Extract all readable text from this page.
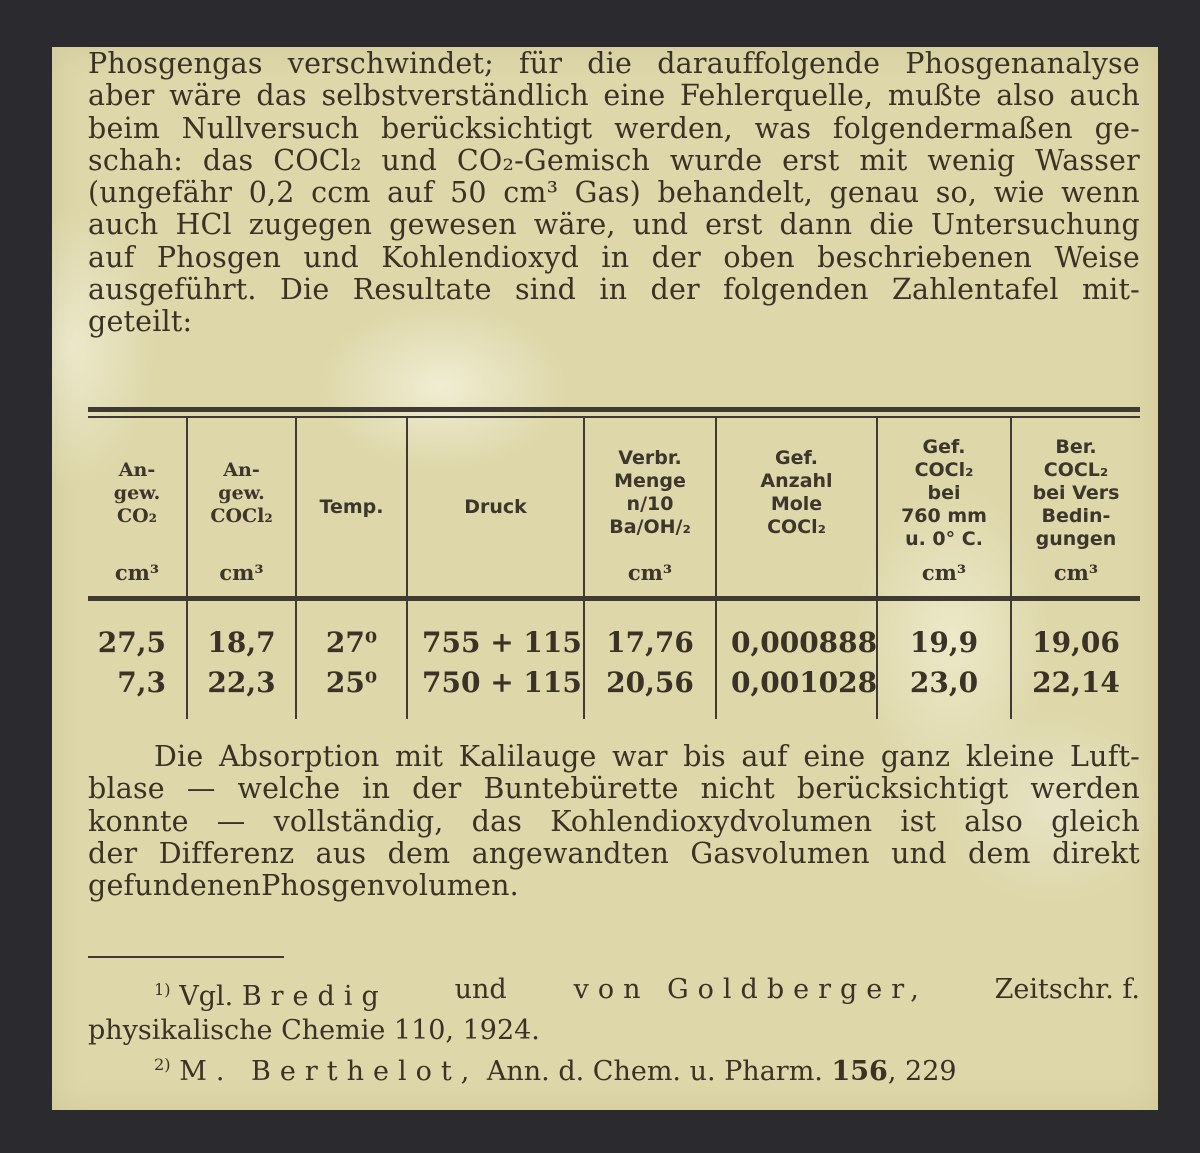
Phosgengas verschwindet; für die darauffolgende Phosgenanalyse
aber wäre das selbstverständlich eine Fehlerquelle, mußte also auch
beim Nullversuch berücksichtigt werden, was folgendermaßen ge-
schah: das COCl₂ und CO₂-Gemisch wurde erst mit wenig Wasser
(ungefähr 0,2 ccm auf 50 cm³ Gas) behandelt, genau so, wie wenn
auch HCl zugegen gewesen wäre, und erst dann die Untersuchung
auf Phosgen und Kohlendioxyd in der oben beschriebenen Weise
ausgeführt. Die Resultate sind in der folgenden Zahlentafel mit-
geteilt:
An-
gew.
CO₂
cm³
An-
gew.
COCl₂
cm³
Temp.	Druck
Verbr.
Menge
n/10
Ba/OH/₂
cm³
Gef.
Anzahl
Mole
COCl₂
Gef.
COCl₂
bei
760 mm
u. 0° C.
cm³
Ber.
COCL₂
bei Vers
Bedin-
gungen
cm³
27,5
7,3
18,7
22,3
27⁰
25⁰
755 + 115
750 + 115
17,76
20,56
0,000888
0,001028
19,9
23,0
19,06
22,14
Die Absorption mit Kalilauge war bis auf eine ganz kleine Luft-
blase — welche in der Buntebürette nicht berücksichtigt werden
konnte — vollständig, das Kohlendioxydvolumen ist also gleich
der Differenz aus dem angewandten Gasvolumen und dem direkt
gefundenen Phosgenvolumen.
$^{1)}$ Vgl. Bredig und von Goldberger, Zeitschr. f.
physikalische Chemie 110, 1924.
$^{2)}$ M. Berthelot, Ann. d. Chem. u. Pharm. 156, 229
